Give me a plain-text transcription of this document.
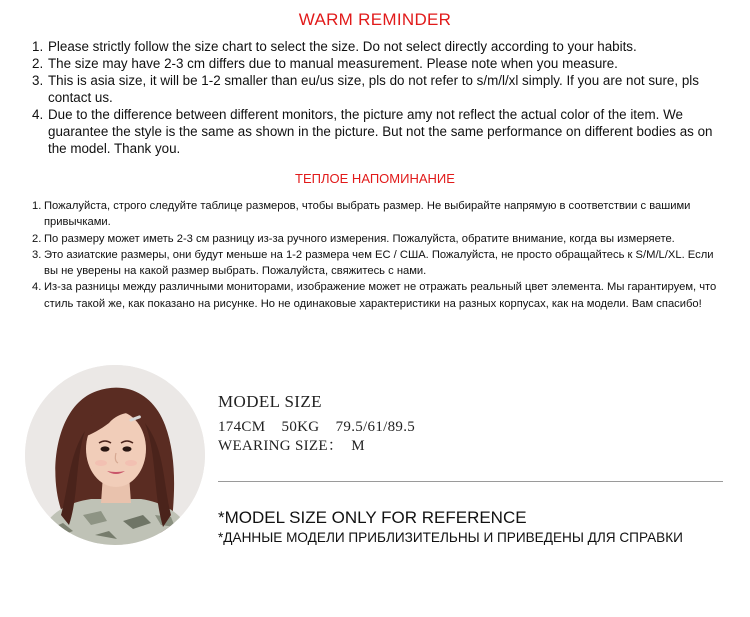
WARM REMINDER
1. Please strictly follow the size chart to select the size. Do not select directly according to your habits.
2. The size may have 2-3 cm differs due to manual measurement. Please note when you measure.
3. This is asia size, it will be 1-2 smaller than eu/us size, pls do not refer to s/m/l/xl simply. If you are not sure, pls contact us.
4. Due to the difference between different monitors, the picture amy not reflect the actual color of the item. We guarantee the style is the same as shown in the picture. But not the same performance on different bodies as on the model. Thank you.
ТЕПЛОЕ НАПОМИНАНИЕ
1. Пожалуйста, строго следуйте таблице размеров, чтобы выбрать размер. Не выбирайте напрямую в соответствии с вашими привычками.
2. По размеру может иметь 2-3 см разницу из-за ручного измерения. Пожалуйста, обратите внимание, когда вы измеряете.
3. Это азиатские размеры, они будут меньше на 1-2 размера чем ЕС / США. Пожалуйста, не просто обращайтесь к S/M/L/XL. Если вы не уверены на какой размер выбрать. Пожалуйста, свяжитесь с нами.
4. Из-за разницы между различными мониторами, изображение может не отражать реальный цвет элемента. Мы гарантируем, что стиль такой же, как показано на рисунке. Но не одинаковые характеристики на разных корпусах, как на модели. Вам спасибо!
MODEL SIZE
174CM    50KG    79.5/61/89.5
WEARING SIZE：  M
*MODEL SIZE ONLY FOR REFERENCE
*ДАННЫЕ МОДЕЛИ ПРИБЛИЗИТЕЛЬНЫ И ПРИВЕДЕНЫ ДЛЯ СПРАВКИ
